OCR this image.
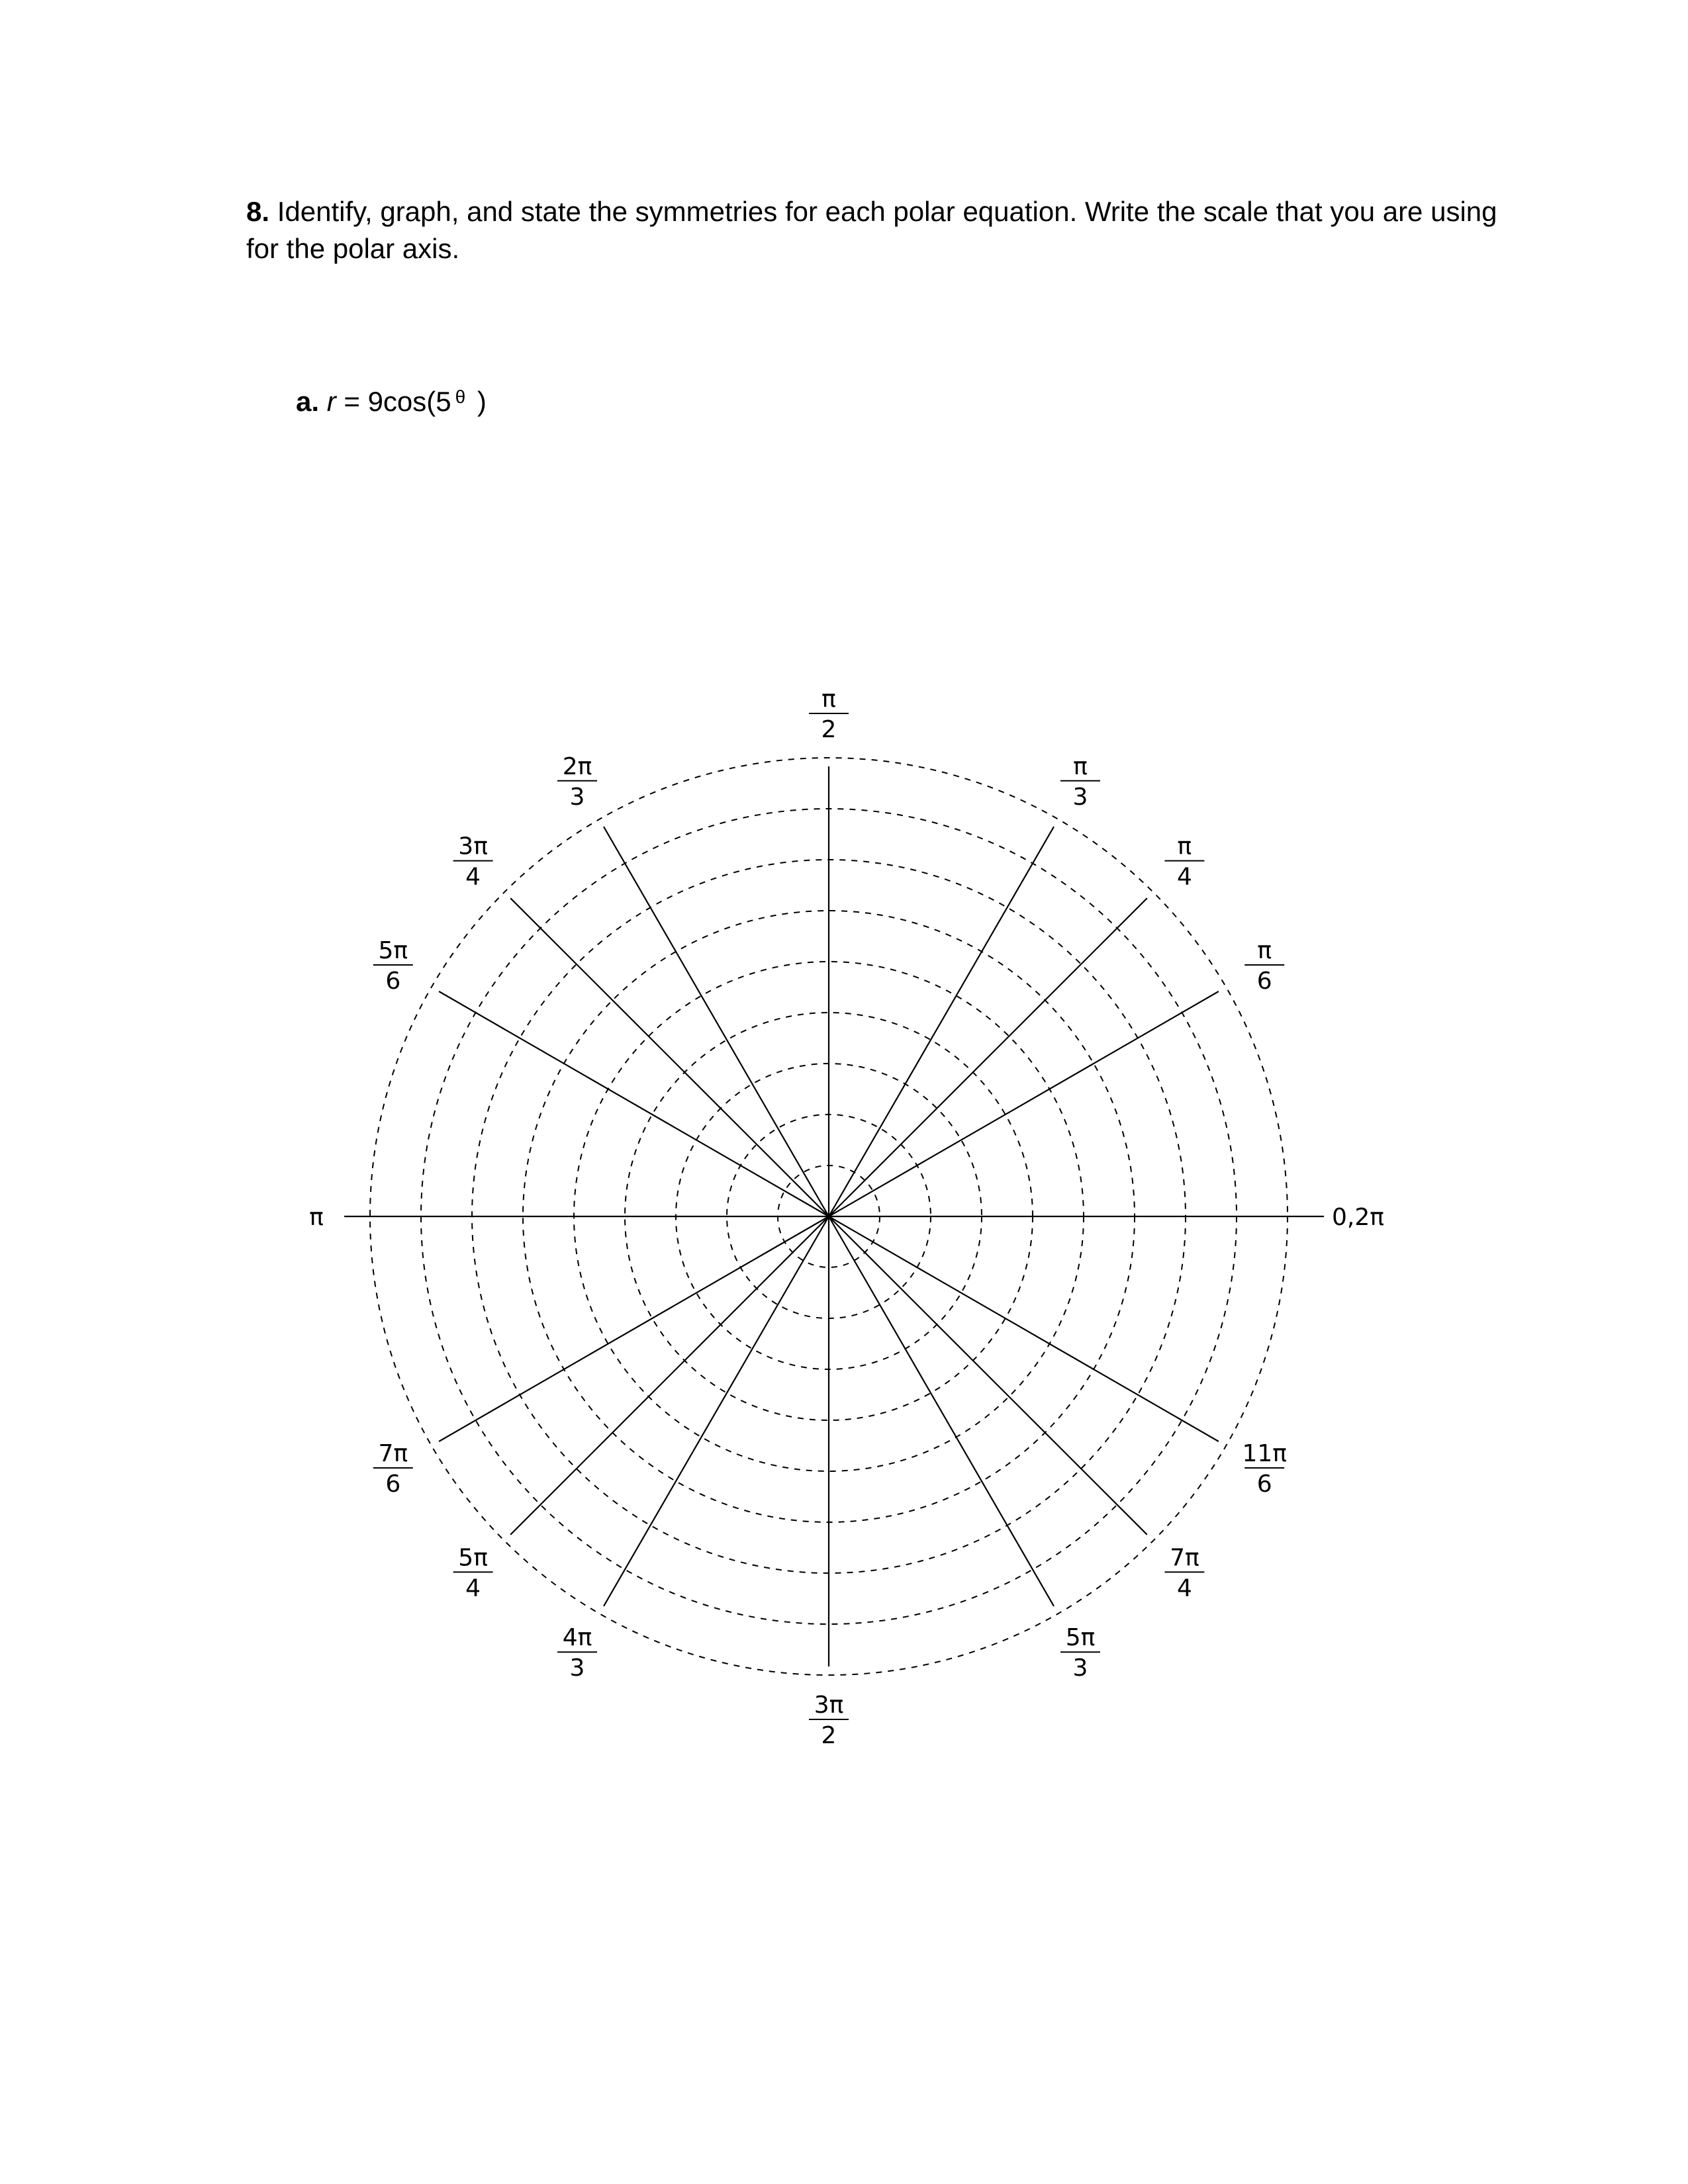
8. Identify, graph, and state the symmetries for each polar equation. Write the scale that you are using for the polar axis.

a. r = 9cos(5 $^\theta$ )

π
2
π
3
π
4
π
6
2π
3
3π
4
5π
6
7π
6
5π
4
4π
3
3π
2
5π
3
7π
4
11π
6
0,2π
π
